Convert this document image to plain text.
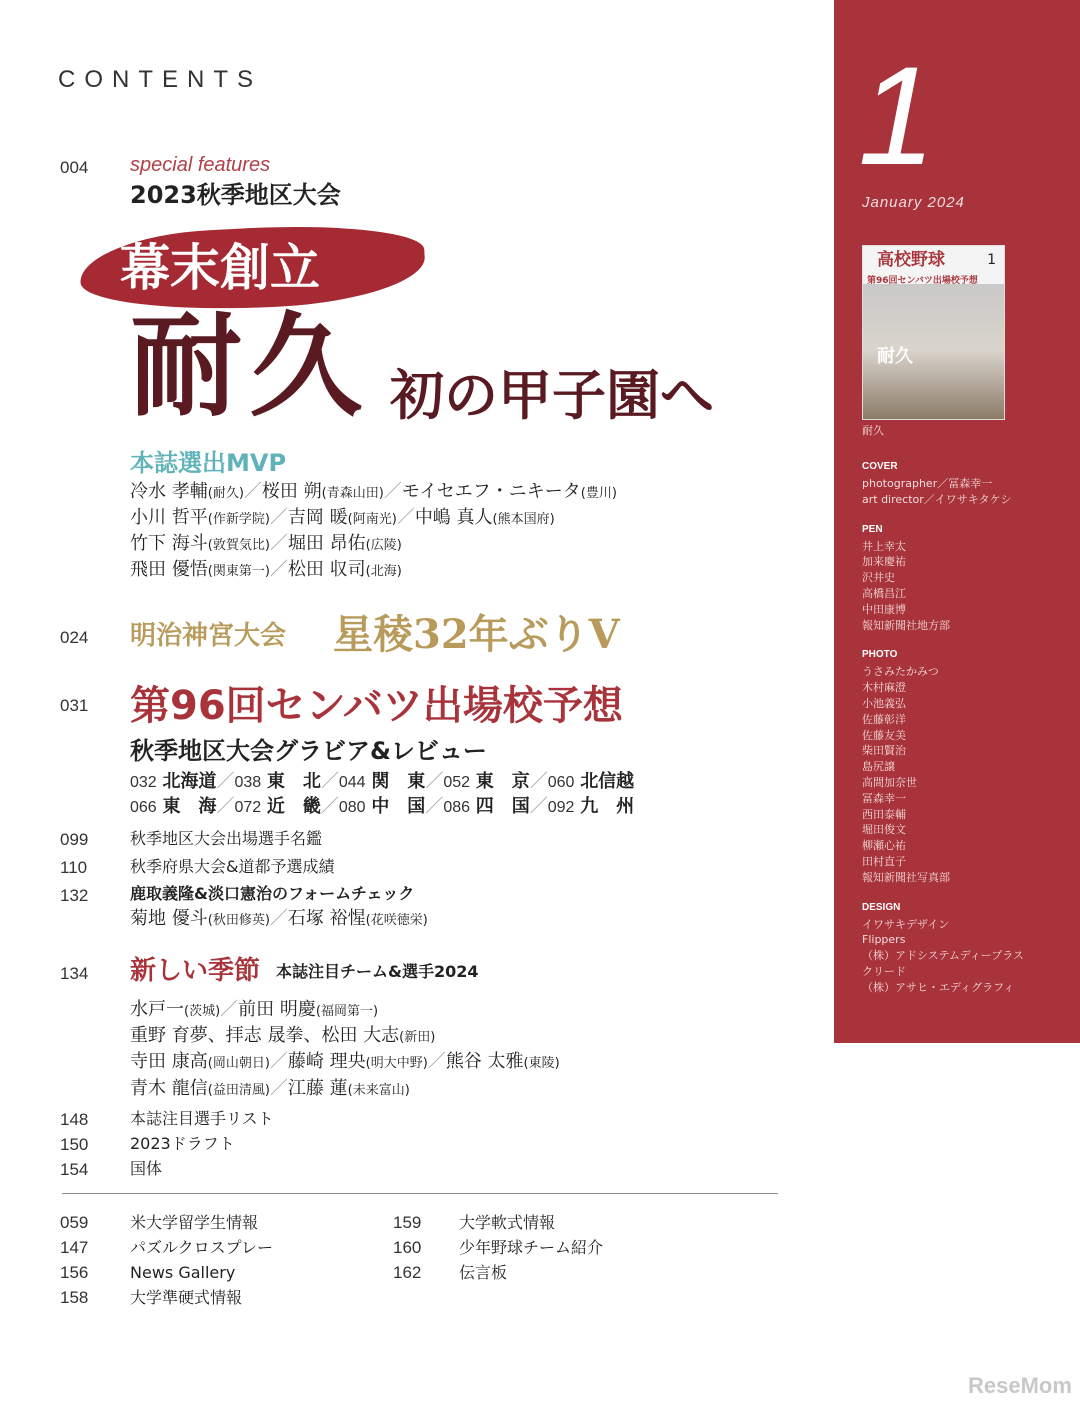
CONTENTS
004 special features
2023秋季地区大会
幕末創立
耐久 初の甲子園へ
本誌選出MVP
冷水 孝輔(耐久)／桜田 朔(青森山田)／モイセエフ・ニキータ(豊川)
小川 哲平(作新学院)／吉岡 暖(阿南光)／中嶋 真人(熊本国府)
竹下 海斗(敦賀気比)／堀田 昂佑(広陵)
飛田 優悟(関東第一)／松田 収司(北海)
024 明治神宮大会 星稜32年ぶりV
031 第96回センバツ出場校予想
秋季地区大会グラビア&レビュー
032 北海道／038 東　北／044 関　東／052 東　京／060 北信越
066 東　海／072 近　畿／080 中　国／086 四　国／092 九　州
099	秋季地区大会出場選手名鑑
110	秋季府県大会&道都予選成績
132	鹿取義隆&淡口憲治のフォームチェック
菊地 優斗(秋田修英)／石塚 裕惺(花咲徳栄)
134 新しい季節 本誌注目チーム&選手2024
水戸一(茨城)／前田 明慶(福岡第一)
重野 育夢、拝志 晟拳、松田 大志(新田)
寺田 康高(岡山朝日)／藤崎 理央(明大中野)／熊谷 太雅(東陵)
青木 龍信(益田清風)／江藤 蓮(未来富山)
148	本誌注目選手リスト
150	2023ドラフト
154	国体
059	米大学留学生情報
147	パズルクロスプレー
156	News Gallery
158	大学準硬式情報
159 大学軟式情報
160 少年野球チーム紹介
162 伝言板
1
January 2024
高校野球
第96回センバツ出場校予想
1
耐久
耐久
COVER
photographer／冨森幸一
art director／イワサキタケシ
PEN
井上幸太
加来慶祐
沢井史
高橋昌江
中田康博
報知新聞社地方部
PHOTO
うさみたかみつ
木村麻澄
小池義弘
佐藤彰洋
佐藤友美
柴田賢治
島尻譲
高間加奈世
冨森幸一
西田泰輔
堀田俊文
柳瀬心祐
田村直子
報知新聞社写真部
DESIGN
イワサキデザイン
Flippers
（株）アドシステムディープラス
クリード
（株）アサヒ・エディグラフィ
ReseMom
